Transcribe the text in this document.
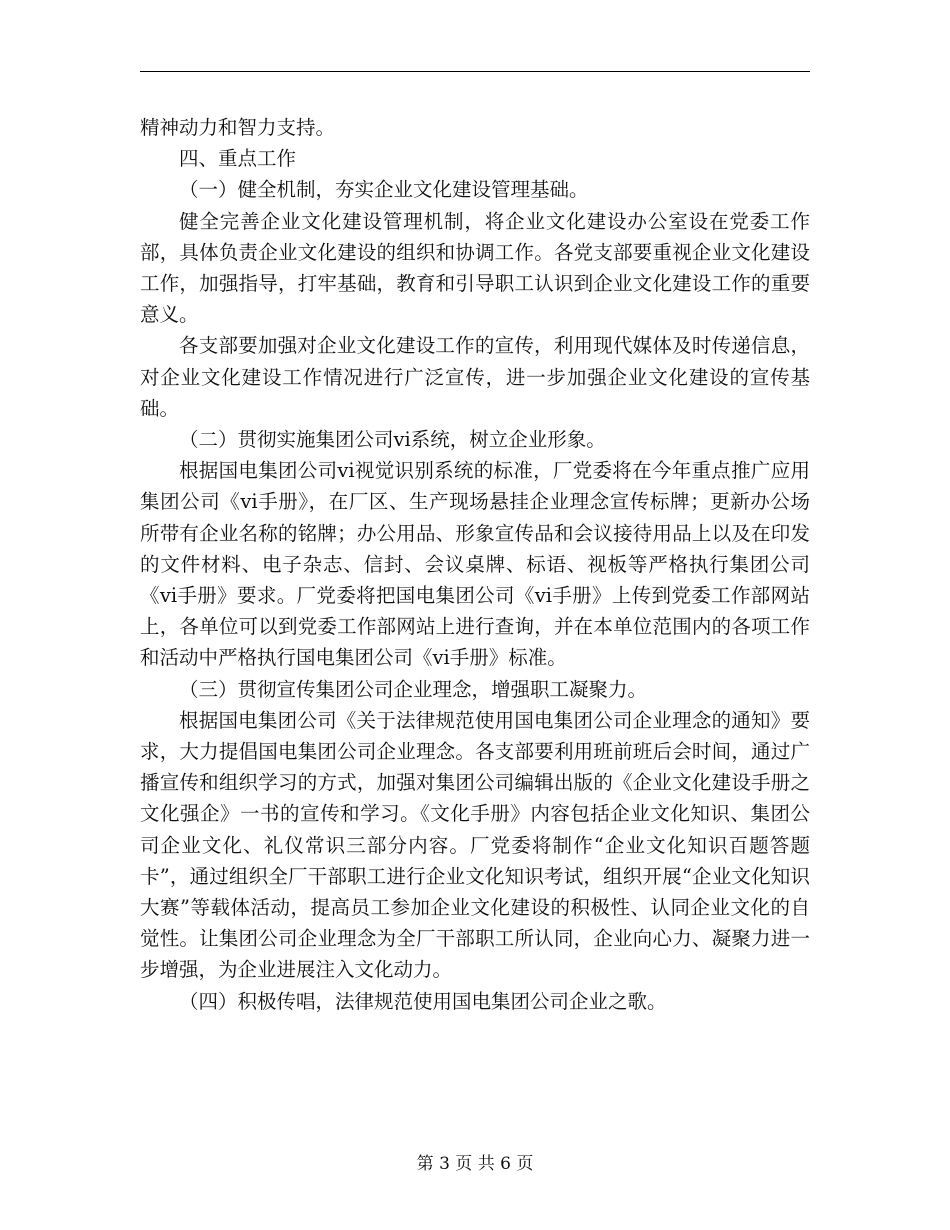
精神动力和智力支持。

四、重点工作

（一）健全机制，夯实企业文化建设管理基础。

健全完善企业文化建设管理机制，将企业文化建设办公室设在党委工作部，具体负责企业文化建设的组织和协调工作。各党支部要重视企业文化建设工作，加强指导，打牢基础，教育和引导职工认识到企业文化建设工作的重要意义。

各支部要加强对企业文化建设工作的宣传，利用现代媒体及时传递信息，对企业文化建设工作情况进行广泛宣传，进一步加强企业文化建设的宣传基础。

（二）贯彻实施集团公司vi系统，树立企业形象。

根据国电集团公司vi视觉识别系统的标准，厂党委将在今年重点推广应用集团公司《vi手册》，在厂区、生产现场悬挂企业理念宣传标牌；更新办公场所带有企业名称的铭牌；办公用品、形象宣传品和会议接待用品上以及在印发的文件材料、电子杂志、信封、会议桌牌、标语、视板等严格执行集团公司《vi手册》要求。厂党委将把国电集团公司《vi手册》上传到党委工作部网站上，各单位可以到党委工作部网站上进行查询，并在本单位范围内的各项工作和活动中严格执行国电集团公司《vi手册》标准。

（三）贯彻宣传集团公司企业理念，增强职工凝聚力。

根据国电集团公司《关于法律规范使用国电集团公司企业理念的通知》要求，大力提倡国电集团公司企业理念。各支部要利用班前班后会时间，通过广播宣传和组织学习的方式，加强对集团公司编辑出版的《企业文化建设手册之文化强企》一书的宣传和学习。《文化手册》内容包括企业文化知识、集团公司企业文化、礼仪常识三部分内容。厂党委将制作“企业文化知识百题答题卡”，通过组织全厂干部职工进行企业文化知识考试，组织开展“企业文化知识大赛”等载体活动，提高员工参加企业文化建设的积极性、认同企业文化的自觉性。让集团公司企业理念为全厂干部职工所认同，企业向心力、凝聚力进一步增强，为企业进展注入文化动力。

（四）积极传唱，法律规范使用国电集团公司企业之歌。

第 3 页 共 6 页
